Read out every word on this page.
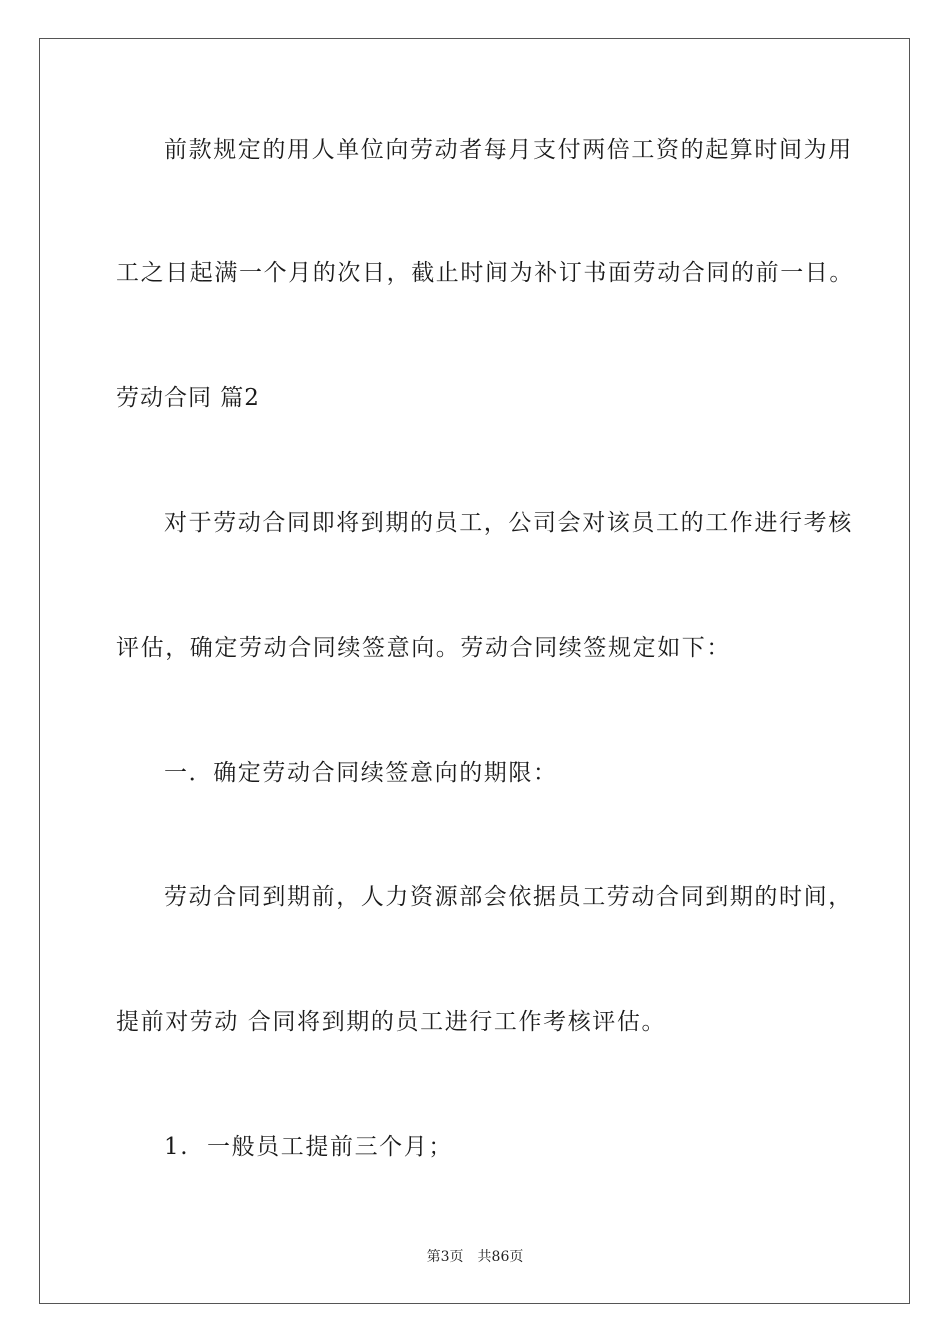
前款规定的用人单位向劳动者每月支付两倍工资的起算时间为用
工之日起满一个月的次日，截止时间为补订书面劳动合同的前一日。
劳动合同 篇2
对于劳动合同即将到期的员工，公司会对该员工的工作进行考核
评估，确定劳动合同续签意向。劳动合同续签规定如下：
一．确定劳动合同续签意向的期限：
劳动合同到期前，人力资源部会依据员工劳动合同到期的时间，
提前对劳动 合同将到期的员工进行工作考核评估。
1.  一般员工提前三个月；
第3页 共86页
